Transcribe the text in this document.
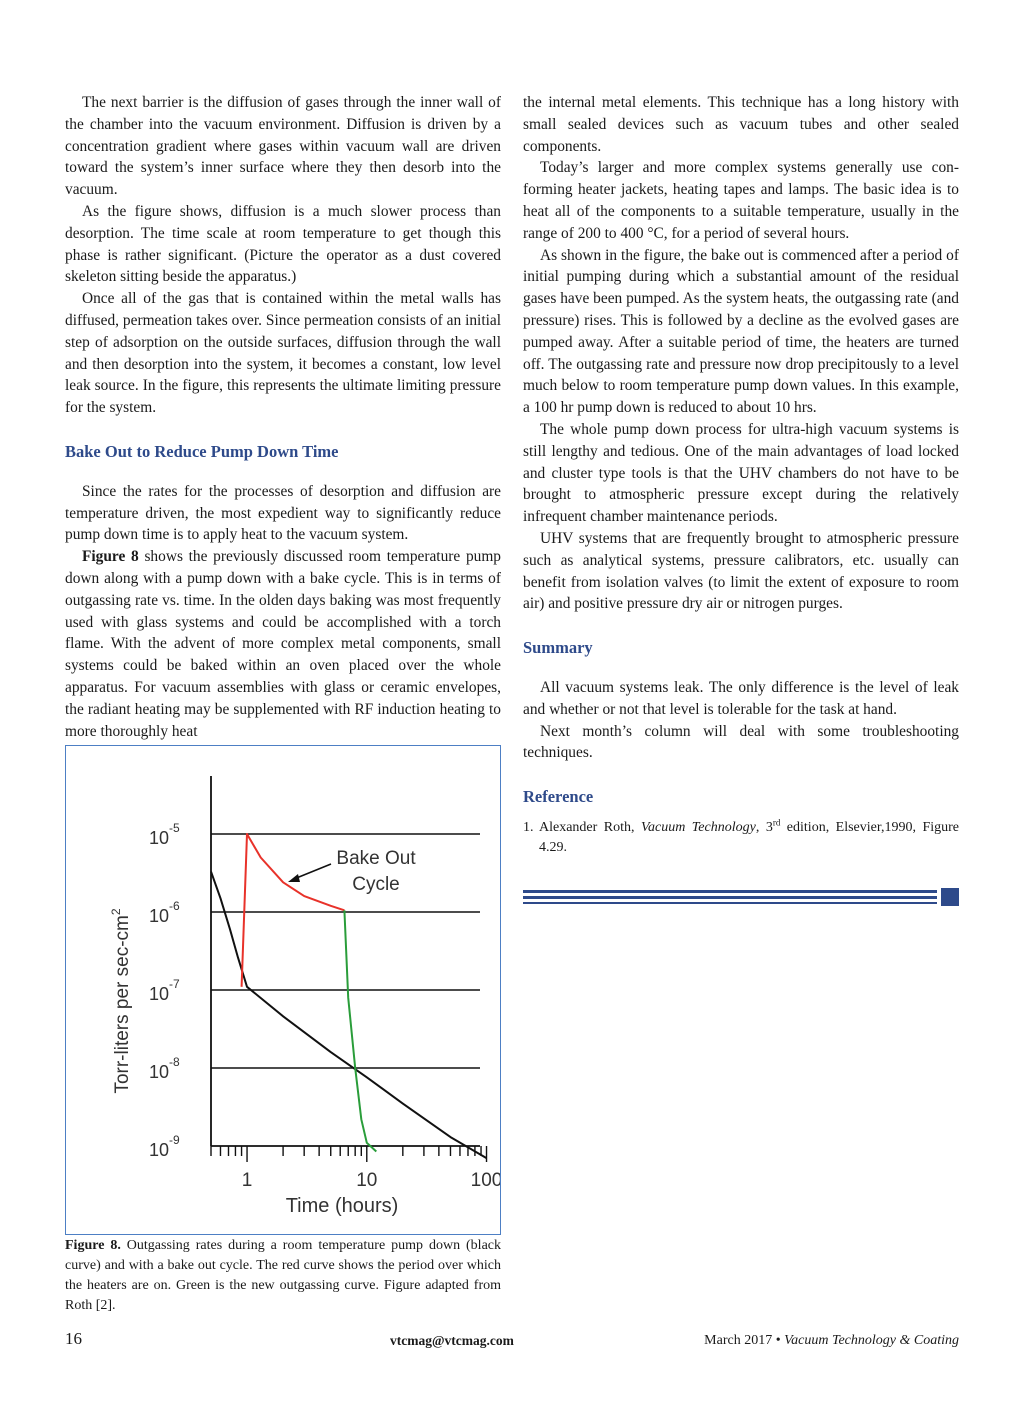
The next barrier is the diffusion of gases through the inner wall of the chamber into the vacuum environment. Diffusion is driven by a concentration gradient where gases within vacuum wall are driven toward the system’s inner surface where they then desorb into the vacuum.

As the figure shows, diffusion is a much slower process than desorption. The time scale at room temperature to get though this phase is rather significant. (Picture the operator as a dust covered skeleton sitting beside the apparatus.)

Once all of the gas that is contained within the metal walls has diffused, permeation takes over. Since permeation consists of an initial step of adsorption on the outside surfaces, diffusion through the wall and then desorption into the system, it becomes a constant, low level leak source. In the figure, this represents the ultimate limiting pressure for the system.

Bake Out to Reduce Pump Down Time

Since the rates for the processes of desorption and diffusion are temperature driven, the most expedient way to significantly reduce pump down time is to apply heat to the vacuum system.

Figure 8 shows the previously discussed room temperature pump down along with a pump down with a bake cycle. This is in terms of outgassing rate vs. time. In the olden days baking was most frequently used with glass systems and could be accomplished with a torch flame. With the advent of more complex metal components, small systems could be baked within an oven placed over the whole apparatus. For vacuum assemblies with glass or ceramic envelopes, the radiant heating may be supplemented with RF induction heating to more thoroughly heat

the internal metal elements. This technique has a long history with small sealed devices such as vacuum tubes and other sealed components.

Today’s larger and more complex systems generally use conforming heater jackets, heating tapes and lamps. The basic idea is to heat all of the components to a suitable temperature, usually in the range of 200 to 400 °C, for a period of several hours.

As shown in the figure, the bake out is commenced after a period of initial pumping during which a substantial amount of the residual gases have been pumped. As the system heats, the outgassing rate (and pressure) rises. This is followed by a decline as the evolved gases are pumped away. After a suitable period of time, the heaters are turned off. The outgassing rate and pressure now drop precipitously to a level much below to room temperature pump down values. In this example, a 100 hr pump down is reduced to about 10 hrs.

The whole pump down process for ultra-high vacuum systems is still lengthy and tedious. One of the main advantages of load locked and cluster type tools is that the UHV chambers do not have to be brought to atmospheric pressure except during the relatively infrequent chamber maintenance periods.

UHV systems that are frequently brought to atmospheric pressure such as analytical systems, pressure calibrators, etc. usually can benefit from isolation valves (to limit the extent of exposure to room air) and positive pressure dry air or nitrogen purges.

Summary

All vacuum systems leak. The only difference is the level of leak and whether or not that level is tolerable for the task at hand.

Next month’s column will deal with some troubleshooting techniques.

Reference
1. Alexander Roth, Vacuum Technology, 3rd edition, Elsevier,1990, Figure 4.29.
$10^{-5}$
$10^{-6}$
$10^{-7}$
$10^{-8}$
$10^{-9}$
1	10	100
Torr-liters per $\sec-cm^2$
Time (hours)
Bake Out
Cycle
Figure 8. Outgassing rates during a room temperature pump down (black curve) and with a bake out cycle. The red curve shows the period over which the heaters are on. Green is the new outgassing curve. Figure adapted from Roth [2].
16	vtcmag@vtcmag.com	March 2017 • Vacuum Technology & Coating
